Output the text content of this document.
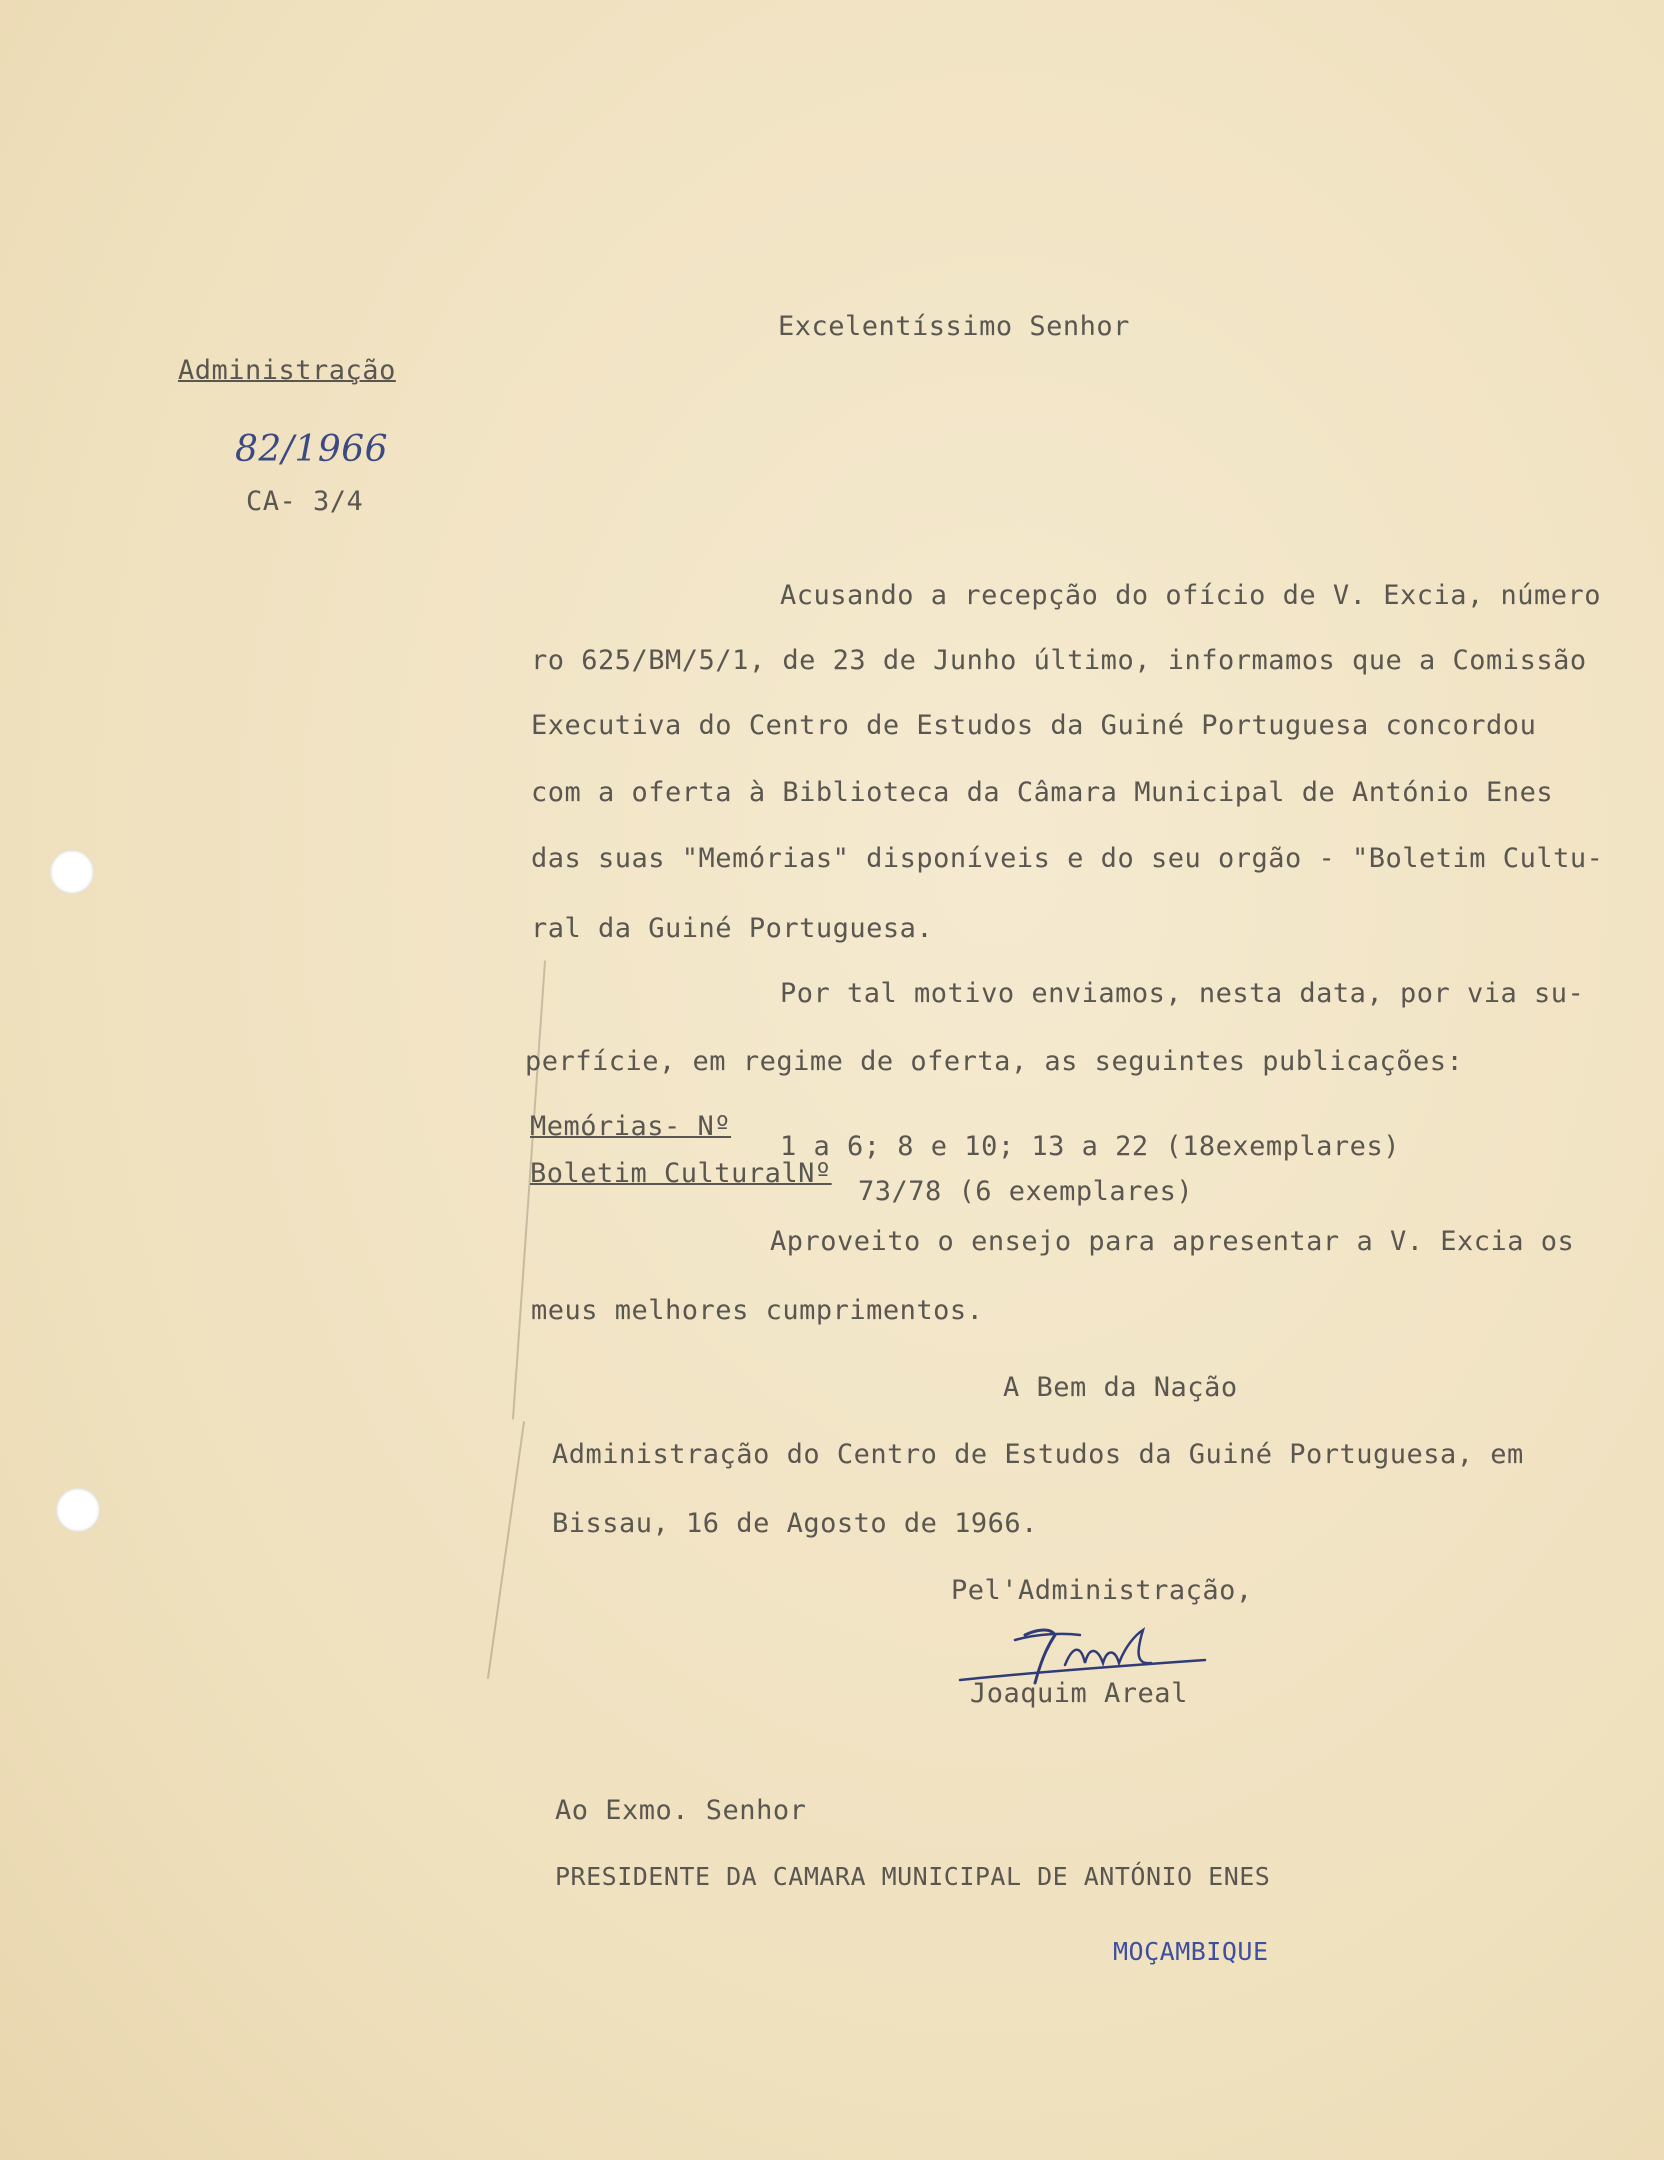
Administração
82/1966
CA- 3/4
Excelentíssimo Senhor
Acusando a recepção do ofício de V. Excia, número
ro 625/BM/5/1, de 23 de Junho último, informamos que a Comissão
Executiva do Centro de Estudos da Guiné Portuguesa concordou
com a oferta à Biblioteca da Câmara Municipal de António Enes
das suas "Memórias" disponíveis e do seu orgão - "Boletim Cultu-
ral da Guiné Portuguesa.
Por tal motivo enviamos, nesta data, por via su-
perfície, em regime de oferta, as seguintes publicações:
Memórias- Nº
1 a 6; 8 e 10; 13 a 22 (18exemplares)
Boletim CulturalNº
73/78 (6 exemplares)
Aproveito o ensejo para apresentar a V. Excia os
meus melhores cumprimentos.
A Bem da Nação
Administração do Centro de Estudos da Guiné Portuguesa, em
Bissau, 16 de Agosto de 1966.
Pel'Administração,
Joaquim Areal
Ao Exmo. Senhor
PRESIDENTE DA CAMARA MUNICIPAL DE ANTÓNIO ENES
MOÇAMBIQUE
